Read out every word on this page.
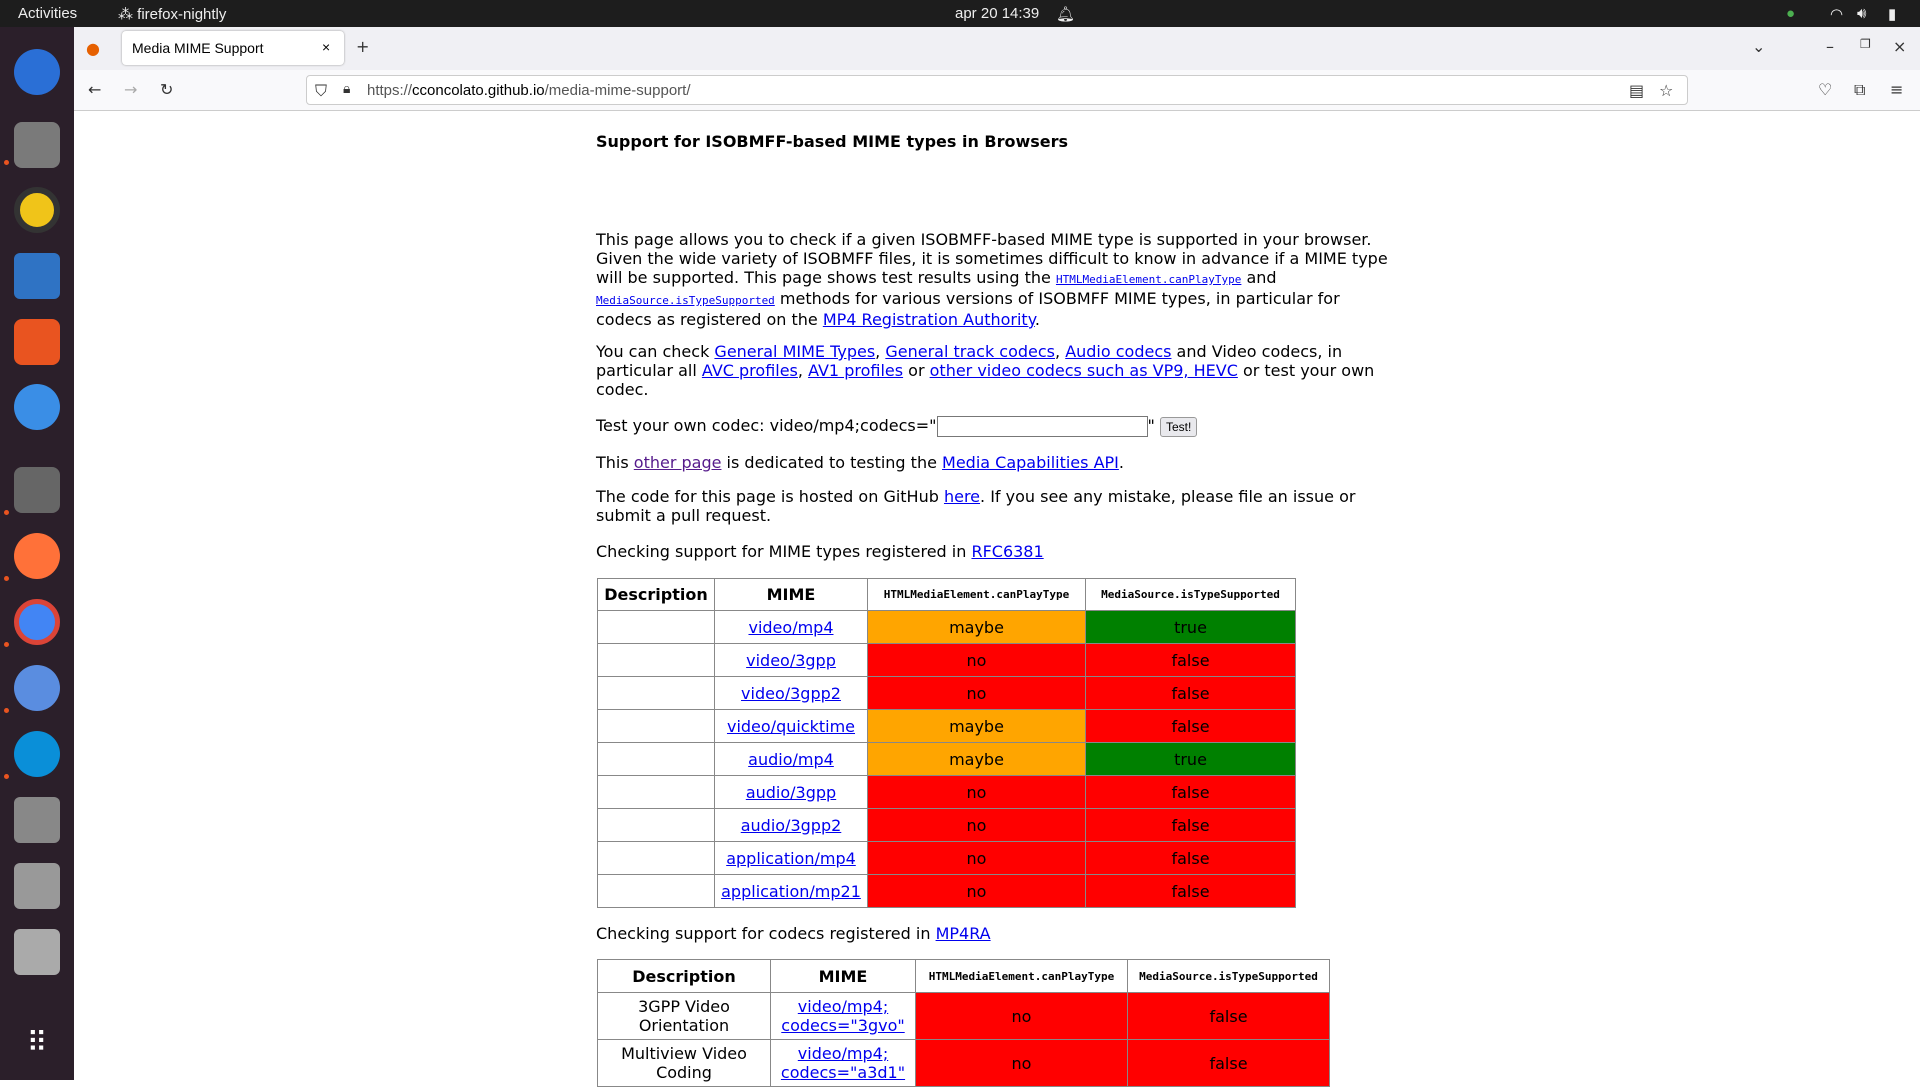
Activities	⁂ firefox-nightly	apr 20 14:39 🔔︎	● ◠ 🔊︎ ▮
⠿
● Media MIME Support	× +	⌄	– ❐ ×
← → ↻	⛉ 🔒︎ https://cconcolato.github.io/media-mime-support/	▤ ☆	♡ ⧉ ≡
Support for ISOBMFF-based MIME types in Browsers

This page allows you to check if a given ISOBMFF-based MIME type is supported in your browser. Given the wide variety of ISOBMFF files, it is sometimes difficult to know in advance if a MIME type will be supported. This page shows test results using the HTMLMediaElement.canPlayType and MediaSource.isTypeSupported methods for various versions of ISOBMFF MIME types, in particular for codecs as registered on the MP4 Registration Authority.

You can check General MIME Types, General track codecs, Audio codecs and Video codecs, in particular all AVC profiles, AV1 profiles or other video codecs such as VP9, HEVC or test your own codec.

Test your own codec: video/mp4;codecs="	" Test!

This other page is dedicated to testing the Media Capabilities API.

The code for this page is hosted on GitHub here. If you see any mistake, please file an issue or submit a pull request.

Checking support for MIME types registered in RFC6381

Description	MIME	HTMLMediaElement.canPlayType	MediaSource.isTypeSupported
	video/mp4	maybe	true
	video/3gpp	no	false
	video/3gpp2	no	false
	video/quicktime	maybe	false
	audio/mp4	maybe	true
	audio/3gpp	no	false
	audio/3gpp2	no	false
	application/mp4	no	false
	application/mp21	no	false

Checking support for codecs registered in MP4RA

Description	MIME	HTMLMediaElement.canPlayType	MediaSource.isTypeSupported
3GPP Video Orientation	video/mp4; codecs="3gvo"	no	false
Multiview Video Coding	video/mp4; codecs="a3d1"	no	false
